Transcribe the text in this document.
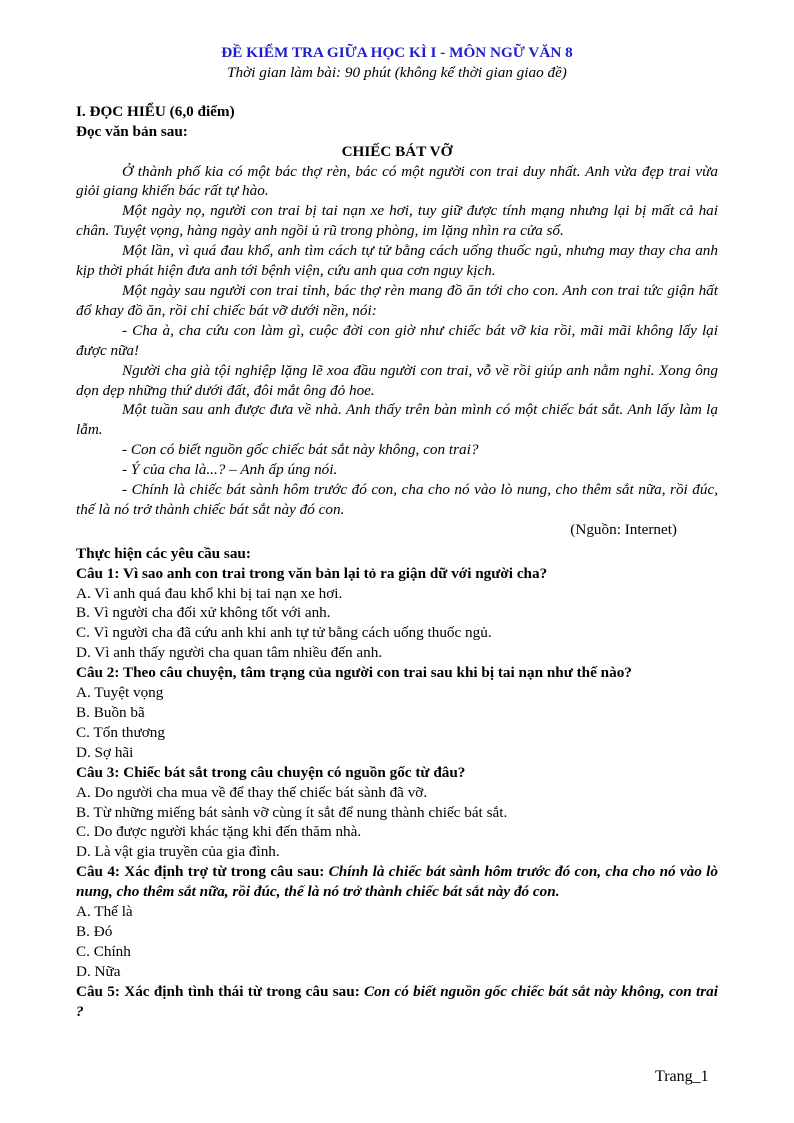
ĐỀ KIỂM TRA GIỮA HỌC KÌ I - MÔN NGỮ VĂN 8
Thời gian làm bài: 90 phút (không kể thời gian giao đề)
I. ĐỌC HIỂU (6,0 điểm)
Đọc văn bản sau:
CHIẾC BÁT VỠ

Ở thành phố kia có một bác thợ rèn, bác có một người con trai duy nhất. Anh vừa đẹp trai vừa giỏi giang khiến bác rất tự hào.

Một ngày nọ, người con trai bị tai nạn xe hơi, tuy giữ được tính mạng nhưng lại bị mất cả hai chân. Tuyệt vọng, hàng ngày anh ngồi ủ rũ trong phòng, im lặng nhìn ra cửa sổ.

Một lần, vì quá đau khổ, anh tìm cách tự tử bằng cách uống thuốc ngủ, nhưng may thay cha anh kịp thời phát hiện đưa anh tới bệnh viện, cứu anh qua cơn nguy kịch.

Một ngày sau người con trai tỉnh, bác thợ rèn mang đồ ăn tới cho con. Anh con trai tức giận hất đổ khay đồ ăn, rồi chỉ chiếc bát vỡ dưới nền, nói:

- Cha à, cha cứu con làm gì, cuộc đời con giờ như chiếc bát vỡ kia rồi, mãi mãi không lấy lại được nữa!

Người cha già tội nghiệp lặng lẽ xoa đầu người con trai, vỗ về rồi giúp anh nằm nghỉ. Xong ông dọn dẹp những thứ dưới đất, đôi mắt ông đỏ hoe.

Một tuần sau anh được đưa về nhà. Anh thấy trên bàn mình có một chiếc bát sắt. Anh lấy làm lạ lẫm.

- Con có biết nguồn gốc chiếc bát sắt này không, con trai?

- Ý của cha là...? – Anh ấp úng nói.

- Chính là chiếc bát sành hôm trước đó con, cha cho nó vào lò nung, cho thêm sắt nữa, rồi đúc, thế là nó trở thành chiếc bát sắt này đó con.

(Nguồn: Internet)
Thực hiện các yêu cầu sau:
Câu 1: Vì sao anh con trai trong văn bản lại tỏ ra giận dữ với người cha?
A. Vì anh quá đau khổ khi bị tai nạn xe hơi.
B. Vì người cha đối xử không tốt với anh.
C. Vì người cha đã cứu anh khi anh tự tử bằng cách uống thuốc ngủ.
D. Vì anh thấy người cha quan tâm nhiều đến anh.
Câu 2: Theo câu chuyện, tâm trạng của người con trai sau khi bị tai nạn như thế nào?
A. Tuyệt vọng
B. Buồn bã
C. Tổn thương
D. Sợ hãi
Câu 3: Chiếc bát sắt trong câu chuyện có nguồn gốc từ đâu?
A. Do người cha mua về để thay thế chiếc bát sành đã vỡ.
B. Từ những miếng bát sành vỡ cùng ít sắt để nung thành chiếc bát sắt.
C. Do được người khác tặng khi đến thăm nhà.
D. Là vật gia truyền của gia đình.
Câu 4: Xác định trợ từ trong câu sau: Chính là chiếc bát sành hôm trước đó con, cha cho nó vào lò nung, cho thêm sắt nữa, rồi đúc, thế là nó trở thành chiếc bát sắt này đó con.
A. Thế là
B. Đó
C. Chính
D. Nữa
Câu 5: Xác định tình thái từ trong câu sau: Con có biết nguồn gốc chiếc bát sắt này không, con trai ?
Trang_1
